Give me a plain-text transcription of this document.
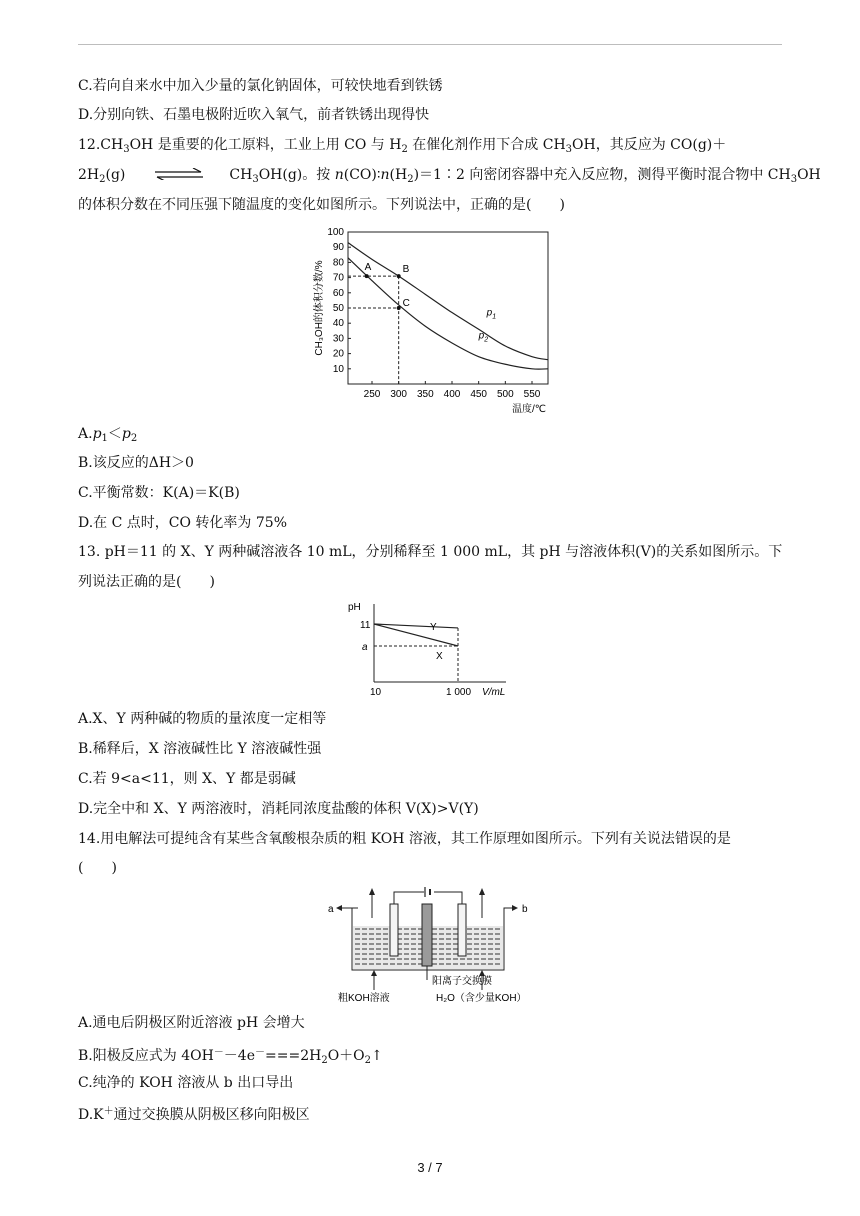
C.若向自来水中加入少量的氯化钠固体，可较快地看到铁锈
D.分别向铁、石墨电极附近吹入氧气，前者铁锈出现得快
$12.CH_3OH$ 是重要的化工原料，工业上用 CO 与 $H_2$ 在催化剂作用下合成 $CH_3OH$，其反应为 CO(g)＋
$2H_2(g)$	$CH_3OH(g)$。按 $n(CO)∶n(H_2)=1∶2$ 向密闭容器中充入反应物，测得平衡时混合物中 $CH_3OH$
的体积分数在不同压强下随温度的变化如图所示。下列说法中，正确的是(　　)
10
20
30
40
50
60
70
80
90
100
250 300 350 400 450 500 550
温度/℃
CH₃OH的体积分数/%	$p_1$
$p_2$
A	B
C
$A.p_1<p_2$
B.该反应的ΔH＞0
C.平衡常数：K(A)＝K(B)
D.在 C 点时，CO 转化率为 75%
13. pH＝11 的 X、Y 两种碱溶液各 10 mL，分别稀释至 1 000 mL，其 pH 与溶液体积(V)的关系如图所示。下
列说法正确的是(　　)
pH
11
a
10	1 000 V/mL
Y
X
A.X、Y 两种碱的物质的量浓度一定相等
B.稀释后，X 溶液碱性比 Y 溶液碱性强
C.若 9<a<11，则 X、Y 都是弱碱
D.完全中和 X、Y 两溶液时，消耗同浓度盐酸的体积 V(X)>V(Y)
14.用电解法可提纯含有某些含氧酸根杂质的粗 KOH 溶液，其工作原理如图所示。下列有关说法错误的是
(　　)
a	b
阳离子交换膜
粗KOH溶液	H₂O（含少量KOH）
A.通电后阴极区附近溶液 pH 会增大
B.阳极反应式为 $4OH^--4e^-===2H_2O+O_2↑$
C.纯净的 KOH 溶液从 b 出口导出
D.K＋通过交换膜从阴极区移向阳极区
3 / 7
